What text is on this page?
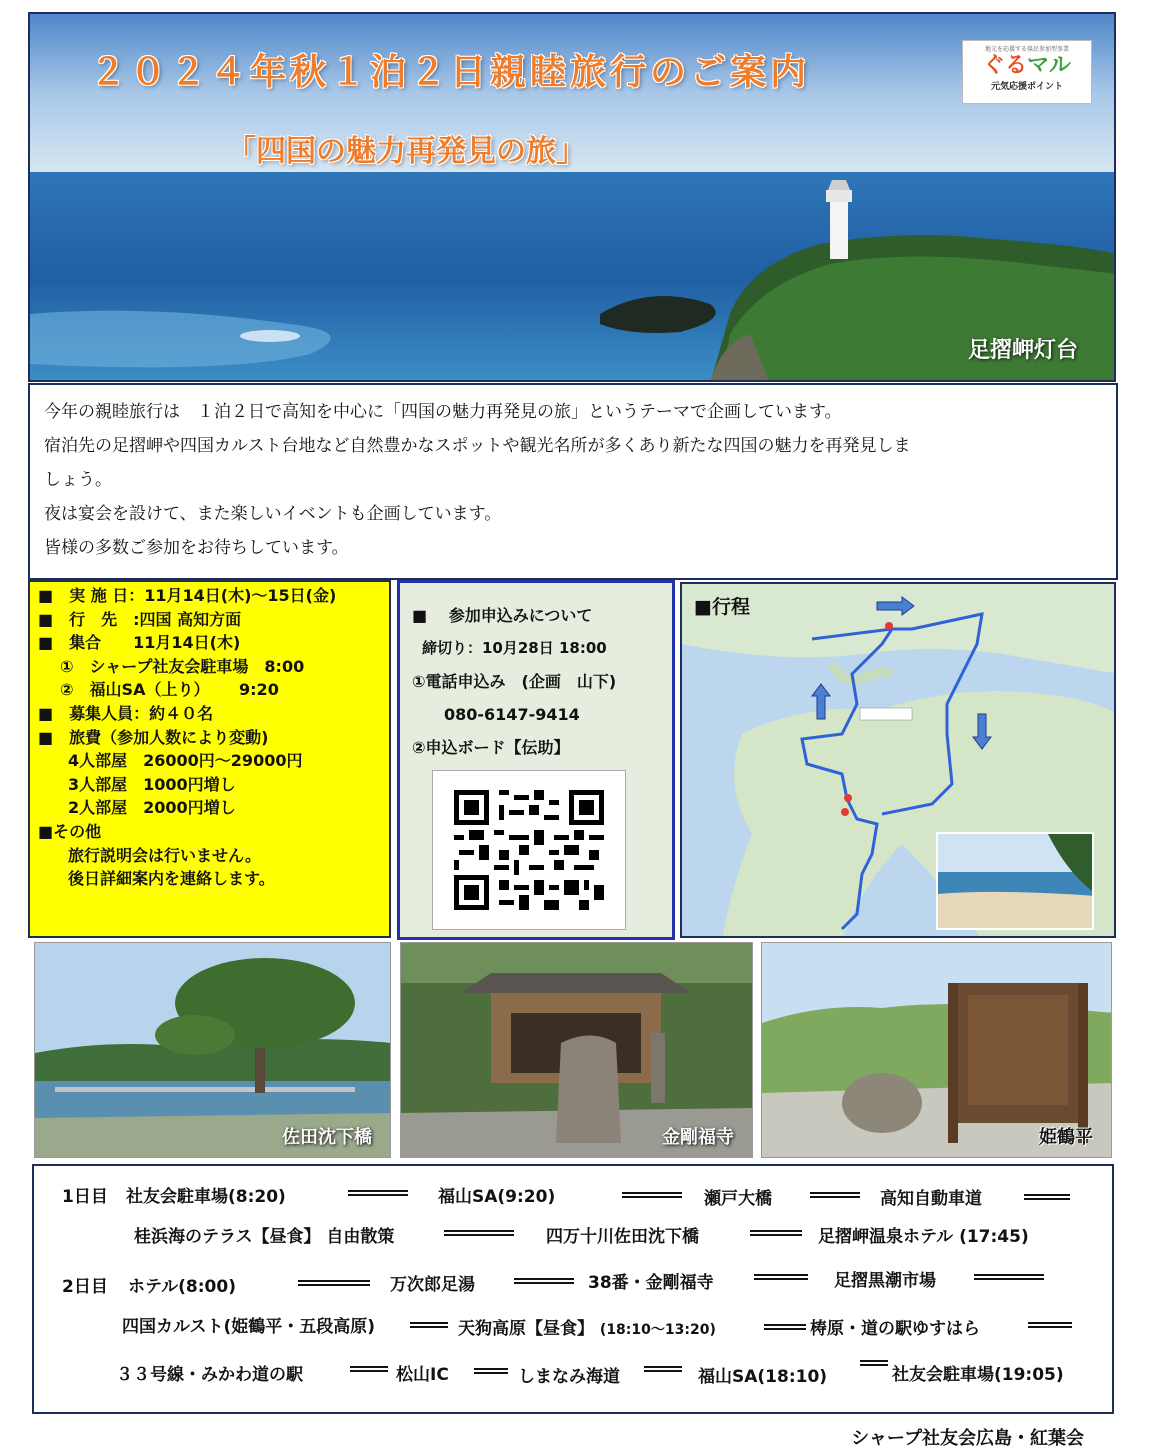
２０２４年秋１泊２日親睦旅行のご案内
「四国の魅力再発見の旅」
足摺岬灯台
地元を応援する県民参加型事業
ぐるマル
元気応援ポイント

今年の親睦旅行は　１泊２日で高知を中心に「四国の魅力再発見の旅」というテーマで企画しています。

宿泊先の足摺岬や四国カルスト台地など自然豊かなスポットや観光名所が多くあり新たな四国の魅力を再発見しま

しょう。

夜は宴会を設けて、また楽しいイベントも企画しています。

皆様の多数ご参加をお待ちしています。

■　実 施 日：11月14日(木)～15日(金)
■　行　先　:四国 高知方面
■　集合　　11月14日(木)
①　シャープ社友会駐車場　8:00
②　福山SA（上り）　　 9:20
■　募集人員：約４０名
■　旅費（参加人数により変動)
4人部屋　26000円～29000円
3人部屋　1000円増し
2人部屋　2000円増し
■その他
旅行説明会は行いません。
後日詳細案内を連絡します。
■　 参加申込みについて
締切り：10月28日 18:00
①電話申込み　(企画　山下)
080-6147-9414
②申込ボード【伝助】
■行程
佐田沈下橋	金剛福寺	姫鶴平
1日目 社友会駐車場(8:20)	福山SA(9:20)	瀬戸大橋	高知自動車道
桂浜海のテラス【昼食】 自由散策	四万十川佐田沈下橋	足摺岬温泉ホテル (17:45)
2日目 ホテル(8:00)	万次郎足湯	38番・金剛福寺	足摺黒潮市場
四国カルスト(姫鶴平・五段高原)	天狗高原【昼食】 (18:10～13:20)	梼原・道の駅ゆすはら
３３号線・みかわ道の駅	松山IC	しまなみ海道	福山SA(18:10)	社友会駐車場(19:05)
シャープ社友会広島・紅葉会
